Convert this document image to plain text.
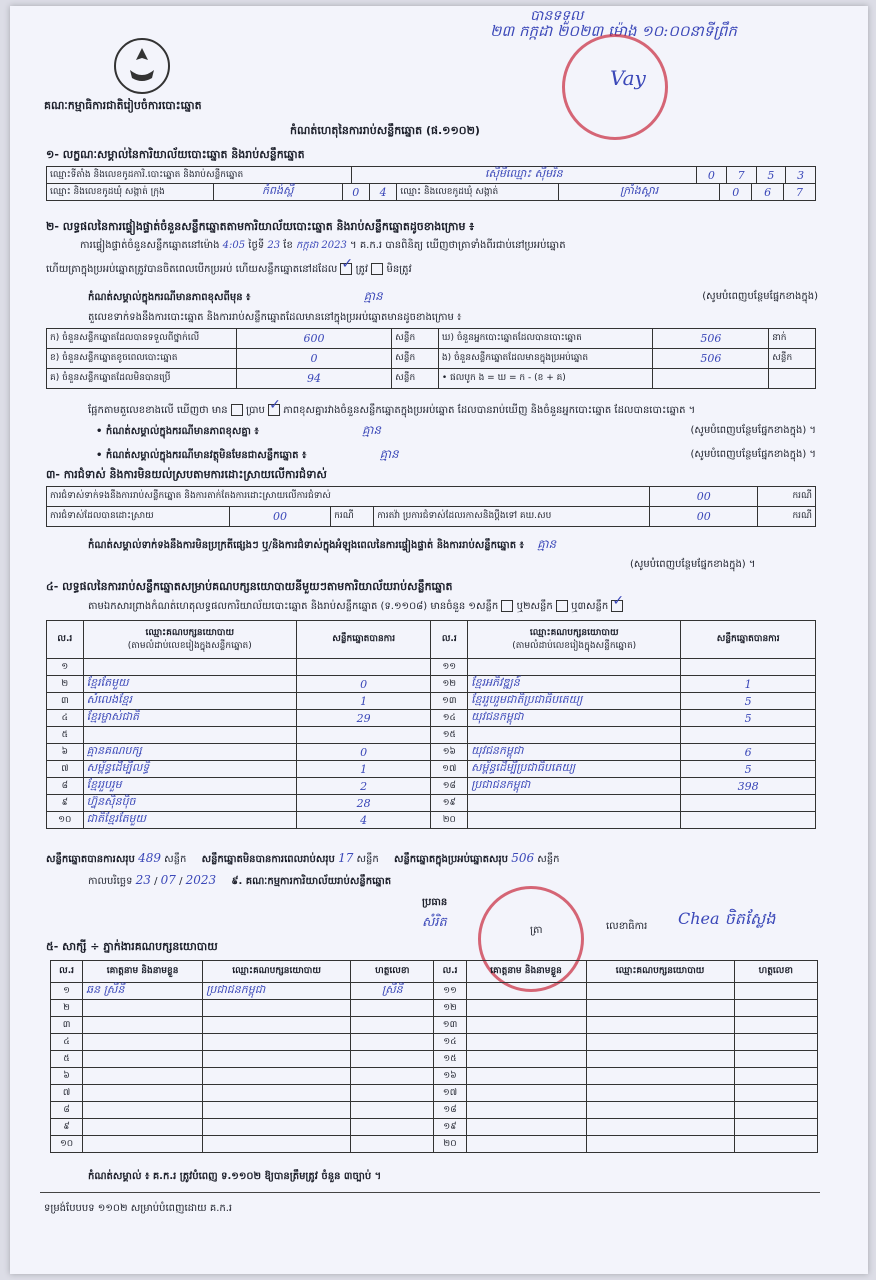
បានទទួល
២៣ កក្កដា ២០២៣ ម៉ោង ១០:០០នាទីព្រឹក
Vay
គណៈកម្មាធិការជាតិរៀបចំការបោះឆ្នោត
កំណត់ហេតុនៃការរាប់សន្លឹកឆ្នោត (ផ.១១០២)
១- លក្ខណៈសម្គាល់នៃការិយាល័យបោះឆ្នោត និងរាប់សន្លឹកឆ្នោត
ឈ្មោះទីតាំង និងលេខកូដការិ.បោះឆ្នោត និងរាប់សន្លឹកឆ្នោត	ស៊ើមីឈ្មោះ ស៊ីមរិន	0	7	5	3
ឈ្មោះ និងលេខកូដឃុំ សង្កាត់ ក្រុង	កំពង់ស្ពឺ	0	4	ឈ្មោះ និងលេខកូដឃុំ សង្កាត់	ក្រាំងស្គារ	0	6	7
២- លទ្ធផលនៃការផ្ទៀងផ្ទាត់ចំនួនសន្លឹកឆ្នោតតាមការិយាល័យបោះឆ្នោត និងរាប់សន្លឹកឆ្នោតដូចខាងក្រោម ៖
ការផ្ទៀងផ្ទាត់ចំនួនសន្លឹកឆ្នោតនៅម៉ោង 4:05 ថ្ងៃទី 23 ខែ កក្កដា 2023 ។ គ.ក.រ បានពិនិត្យ ឃើញថាត្រាទាំងពីរជាប់នៅប្រអប់ឆ្នោត
ហើយត្រាក្នុងប្រអប់ឆ្នោតត្រូវបានចិតពេលបើកប្រអប់ ហើយសន្លឹកឆ្នោតនៅដដែល ✓ ត្រូវ មិនត្រូវ
កំណត់សម្គាល់ក្នុងករណីមានភាពខុសពីមុន ៖	គ្មាន	(សូមបំពេញបន្ថែមផ្នែកខាងក្នុង)
តួលេខទាក់ទងនឹងការបោះឆ្នោត និងការរាប់សន្លឹកឆ្នោតដែលមាននៅក្នុងប្រអប់ឆ្នោតមានដូចខាងក្រោម ៖
ក) ចំនួនសន្លឹកឆ្នោតដែលបានទទួលពីថ្នាក់លើ	600	សន្លឹក	ឃ) ចំនួនអ្នកបោះឆ្នោតដែលបានបោះឆ្នោត	506	នាក់
ខ) ចំនួនសន្លឹកឆ្នោតខូចពេលបោះឆ្នោត	0	សន្លឹក	ង) ចំនួនសន្លឹកឆ្នោតដែលមានក្នុងប្រអប់ឆ្នោត	506	សន្លឹក
គ) ចំនួនសន្លឹកឆ្នោតដែលមិនបានប្រើ	94	សន្លឹក	• ផលបូក ង = ឃ = ក - (ខ + គ)		
ផ្អែកតាមតួលេខខាងលើ ឃើញថា មាន ប្រាប ✓ ភាពខុសគ្នារវាងចំនួនសន្លឹកឆ្នោតក្នុងប្រអប់ឆ្នោត ដែលបានរាប់ឃើញ និងចំនួនអ្នកបោះឆ្នោត ដែលបានបោះឆ្នោត ។
• កំណត់សម្គាល់ក្នុងករណីមានភាពខុសគ្នា ៖	គ្មាន	(សូមបំពេញបន្ថែមផ្នែកខាងក្នុង) ។
• កំណត់សម្គាល់ក្នុងករណីមានវត្ថុមិនមែនជាសន្លឹកឆ្នោត ៖	គ្មាន	(សូមបំពេញបន្ថែមផ្នែកខាងក្នុង) ។
៣- ការជំទាស់ និងការមិនយល់ស្របតាមការដោះស្រាយលើការជំទាស់
ការជំទាស់ទាក់ទងនឹងការរាប់សន្លឹកឆ្នោត និងការតាក់តែងការដោះស្រាយលើការជំទាស់				00	ករណី
ការជំទាស់ដែលបានដោះស្រាយ	00	ករណី	ការតវ៉ា ប្រការជំទាស់ដែលរកាសនិងប្តឹងទៅ គឃ.សប	00	ករណី
កំណត់សម្គាល់ទាក់ទងនឹងការមិនប្រក្រតីផ្សេងៗ ឬ/និងការជំទាស់ក្នុងអំឡុងពេលនៃការផ្ទៀងផ្ទាត់ និងការរាប់សន្លឹកឆ្នោត ៖ គ្មាន
(សូមបំពេញបន្ថែមផ្នែកខាងក្នុង) ។
៤- លទ្ធផលនៃការរាប់សន្លឹកឆ្នោតសម្រាប់គណបក្សនយោបាយនីមួយៗតាមការិយាល័យរាប់សន្លឹកឆ្នោត
តាមឯកសារព្រាងកំណត់ហេតុលទ្ធផលការិយាល័យបោះឆ្នោត និងរាប់សន្លឹកឆ្នោត (ទ.១១០៨) មានចំនួន ១សន្លឹក ឬ២សន្លឹក ឬ៣សន្លឹក ✓
ល.រ	ឈ្មោះគណបក្សនយោបាយ
(តាមលំដាប់លេខរៀងក្នុងសន្លឹកឆ្នោត)	សន្លឹកឆ្នោតបានការ	ល.រ	ឈ្មោះគណបក្សនយោបាយ
(តាមលំដាប់លេខរៀងក្នុងសន្លឹកឆ្នោត)	សន្លឹកឆ្នោតបានការ
១			១១		
២	ខ្មែរតែមួយ	0	១២	ខ្មែរអភិវឌ្ឍន៍	1
៣	សំលេងខ្មែរ	1	១៣	ខ្មែររួបរួមជាតិប្រជាធិបតេយ្យ	5
៤	ខ្មែរម្ចាស់ជាតិ	29	១៤	យុវជនកម្ពុជា	5
៥			១៥		
៦	គ្មានគណបក្ស	0	១៦	យុវជនកម្ពុជា	6
៧	សម្ព័ន្ធដើម្បីលទ្ធិ	1	១៧	សម្ព័ន្ធដើម្បីប្រជាធិបតេយ្យ	5
៨	ខ្មែររួបរួម	2	១៨	ប្រជាជនកម្ពុជា	398
៩	ហ្វ៊ុនស៊ិនប៉ិច	28	១៩		
១០	ជាតិខ្មែរតែមួយ	4	២០		
សន្លឹកឆ្នោតបានការសរុប 489 សន្លឹក សន្លឹកឆ្នោតមិនបានការពេលរាប់សរុប 17 សន្លឹក សន្លឹកឆ្នោតក្នុងប្រអប់ឆ្នោតសរុប 506 សន្លឹក
កាលបរិច្ឆេទ 23 / 07 / 2023 ៩. គណៈកម្មការការិយាល័យរាប់សន្លឹកឆ្នោត
ប្រធាន
សំរិត
ត្រា	លេខាធិការ Chea ចិតស្លែង
៥- សាក្សី ÷ ភ្នាក់ងារគណបក្សនយោបាយ
ល.រ	គោត្តនាម និងនាមខ្លួន	ឈ្មោះគណបក្សនយោបាយ	ហត្ថលេខា	ល.រ	គោត្តនាម និងនាមខ្លួន	ឈ្មោះគណបក្សនយោបាយ	ហត្ថលេខា
១	ឆន ស្រីនី	ប្រជាជនកម្ពុជា	ស្រីនី	១១			
២				១២			
៣				១៣			
៤				១៤			
៥				១៥			
៦				១៦			
៧				១៧			
៨				១៨			
៩				១៩			
១០				២០			
កំណត់សម្គាល់ ៖ គ.ក.រ ត្រូវបំពេញ ទ.១១០២ ឱ្យបានត្រឹមត្រូវ ចំនួន ៣ច្បាប់ ។
ទម្រង់បែបបទ ១១០២ សម្រាប់បំពេញដោយ គ.ក.រ
